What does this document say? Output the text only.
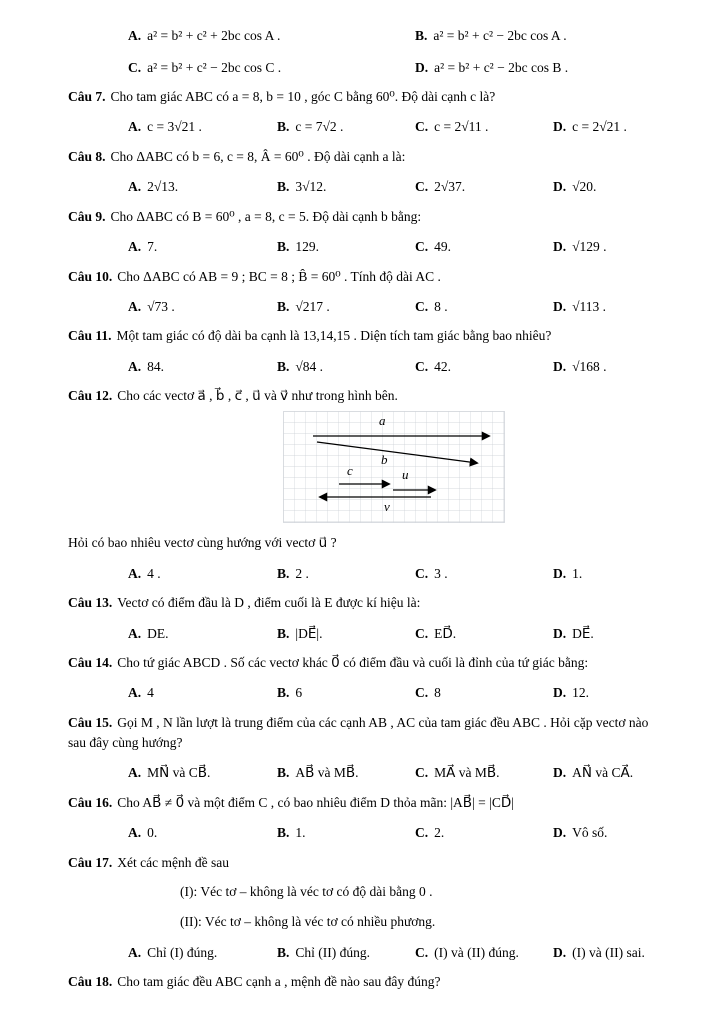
A. a² = b² + c² + 2bc cos A .	B. a² = b² + c² − 2bc cos A .
C. a² = b² + c² − 2bc cos C .	D. a² = b² + c² − 2bc cos B .

Câu 7. Cho tam giác ABC có a = 8, b = 10 , góc C bằng 60⁰. Độ dài cạnh c là?

A. c = 3√21 .	B. c = 7√2 .	C. c = 2√11 .	D. c = 2√21 .

Câu 8. Cho ΔABC có b = 6, c = 8, Â = 60⁰ . Độ dài cạnh a là:

A. 2√13.	B. 3√12.	C. 2√37.	D. √20.

Câu 9. Cho ΔABC có B = 60⁰ , a = 8, c = 5. Độ dài cạnh b bằng:

A. 7.	B. 129.	C. 49.	D. √129 .

Câu 10. Cho ΔABC có AB = 9 ; BC = 8 ; B̂ = 60⁰ . Tính độ dài AC .

A. √73 .	B. √217 .	C. 8 .	D. √113 .

Câu 11. Một tam giác có độ dài ba cạnh là 13,14,15 . Diện tích tam giác bằng bao nhiêu?

A. 84.	B. √84 .	C. 42.	D. √168 .

Câu 12. Cho các vectơ a⃗ , b⃗ , c⃗ , u⃗ và v⃗ như trong hình bên.

a⃗
b⃗
c⃗	u⃗
v⃗

Hỏi có bao nhiêu vectơ cùng hướng với vectơ u⃗ ?

A. 4 .	B. 2 .	C. 3 .	D. 1.

Câu 13. Vectơ có điểm đầu là D , điểm cuối là E được kí hiệu là:

A. DE.	B. |DE⃗|.	C. ED⃗.	D. DE⃗.

Câu 14. Cho tứ giác ABCD . Số các vectơ khác 0⃗ có điểm đầu và cuối là đỉnh của tứ giác bằng:

A. 4	B. 6	C. 8	D. 12.

Câu 15. Gọi M , N lần lượt là trung điểm của các cạnh AB , AC của tam giác đều ABC . Hỏi cặp vectơ nào sau đây cùng hướng?

A. MN⃗ và CB⃗.	B. AB⃗ và MB⃗.	C. MA⃗ và MB⃗.	D. AN⃗ và CA⃗.

Câu 16. Cho AB⃗ ≠ 0⃗ và một điểm C , có bao nhiêu điểm D thỏa mãn: |AB⃗| = |CD⃗|

A. 0.	B. 1.	C. 2.	D. Vô số.

Câu 17. Xét các mệnh đề sau

(I): Véc tơ – không là véc tơ có độ dài bằng 0 .

(II): Véc tơ – không là véc tơ có nhiều phương.

A. Chỉ (I) đúng.	B. Chỉ (II) đúng.	C. (I) và (II) đúng.	D. (I) và (II) sai.

Câu 18. Cho tam giác đều ABC cạnh a , mệnh đề nào sau đây đúng?
